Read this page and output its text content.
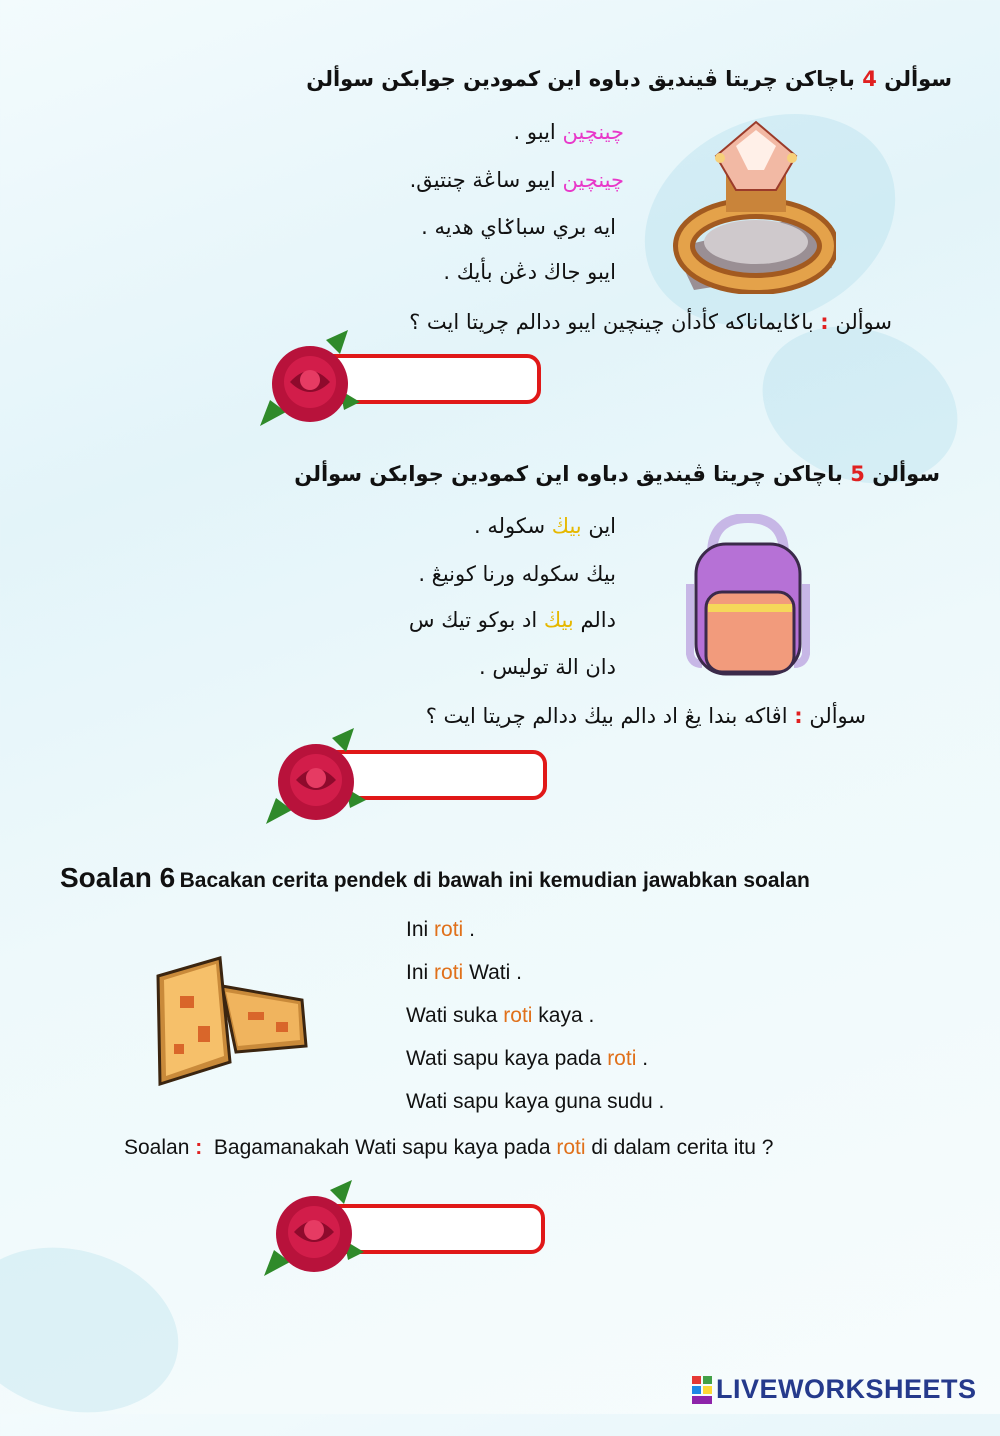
سوألن 4 باچاكن چريتا ڤينديق دباوه اين كمودين جوابكن سوألن
چينچين ايبو .
چينچين ايبو ساڠة چنتيق.
ايه بري سباݢاي هديه .
ايبو جاڬ دڠن بأيك .
سوألن : باݢايماناكه كأدأن چينچين ايبو ددالم چريتا ايت ؟
سوألن 5 باچاكن چريتا ڤينديق دباوه اين كمودين جوابكن سوألن
اين بيڬ سكوله .
بيڬ سكوله ورنا كونيڠ .
دالم بيڬ اد بوكو تيك س
دان الة توليس .
سوألن : اڤاكه بندا يڠ اد دالم بيڬ ددالم چريتا ايت ؟
Soalan 6 Bacakan cerita pendek di bawah ini kemudian jawabkan soalan
Ini roti .
Ini roti Wati .
Wati suka roti kaya .
Wati sapu kaya pada roti .
Wati sapu kaya guna sudu .
Soalan : Bagamanakah Wati sapu kaya pada roti di dalam cerita itu ?
LIVEWORKSHEETS
